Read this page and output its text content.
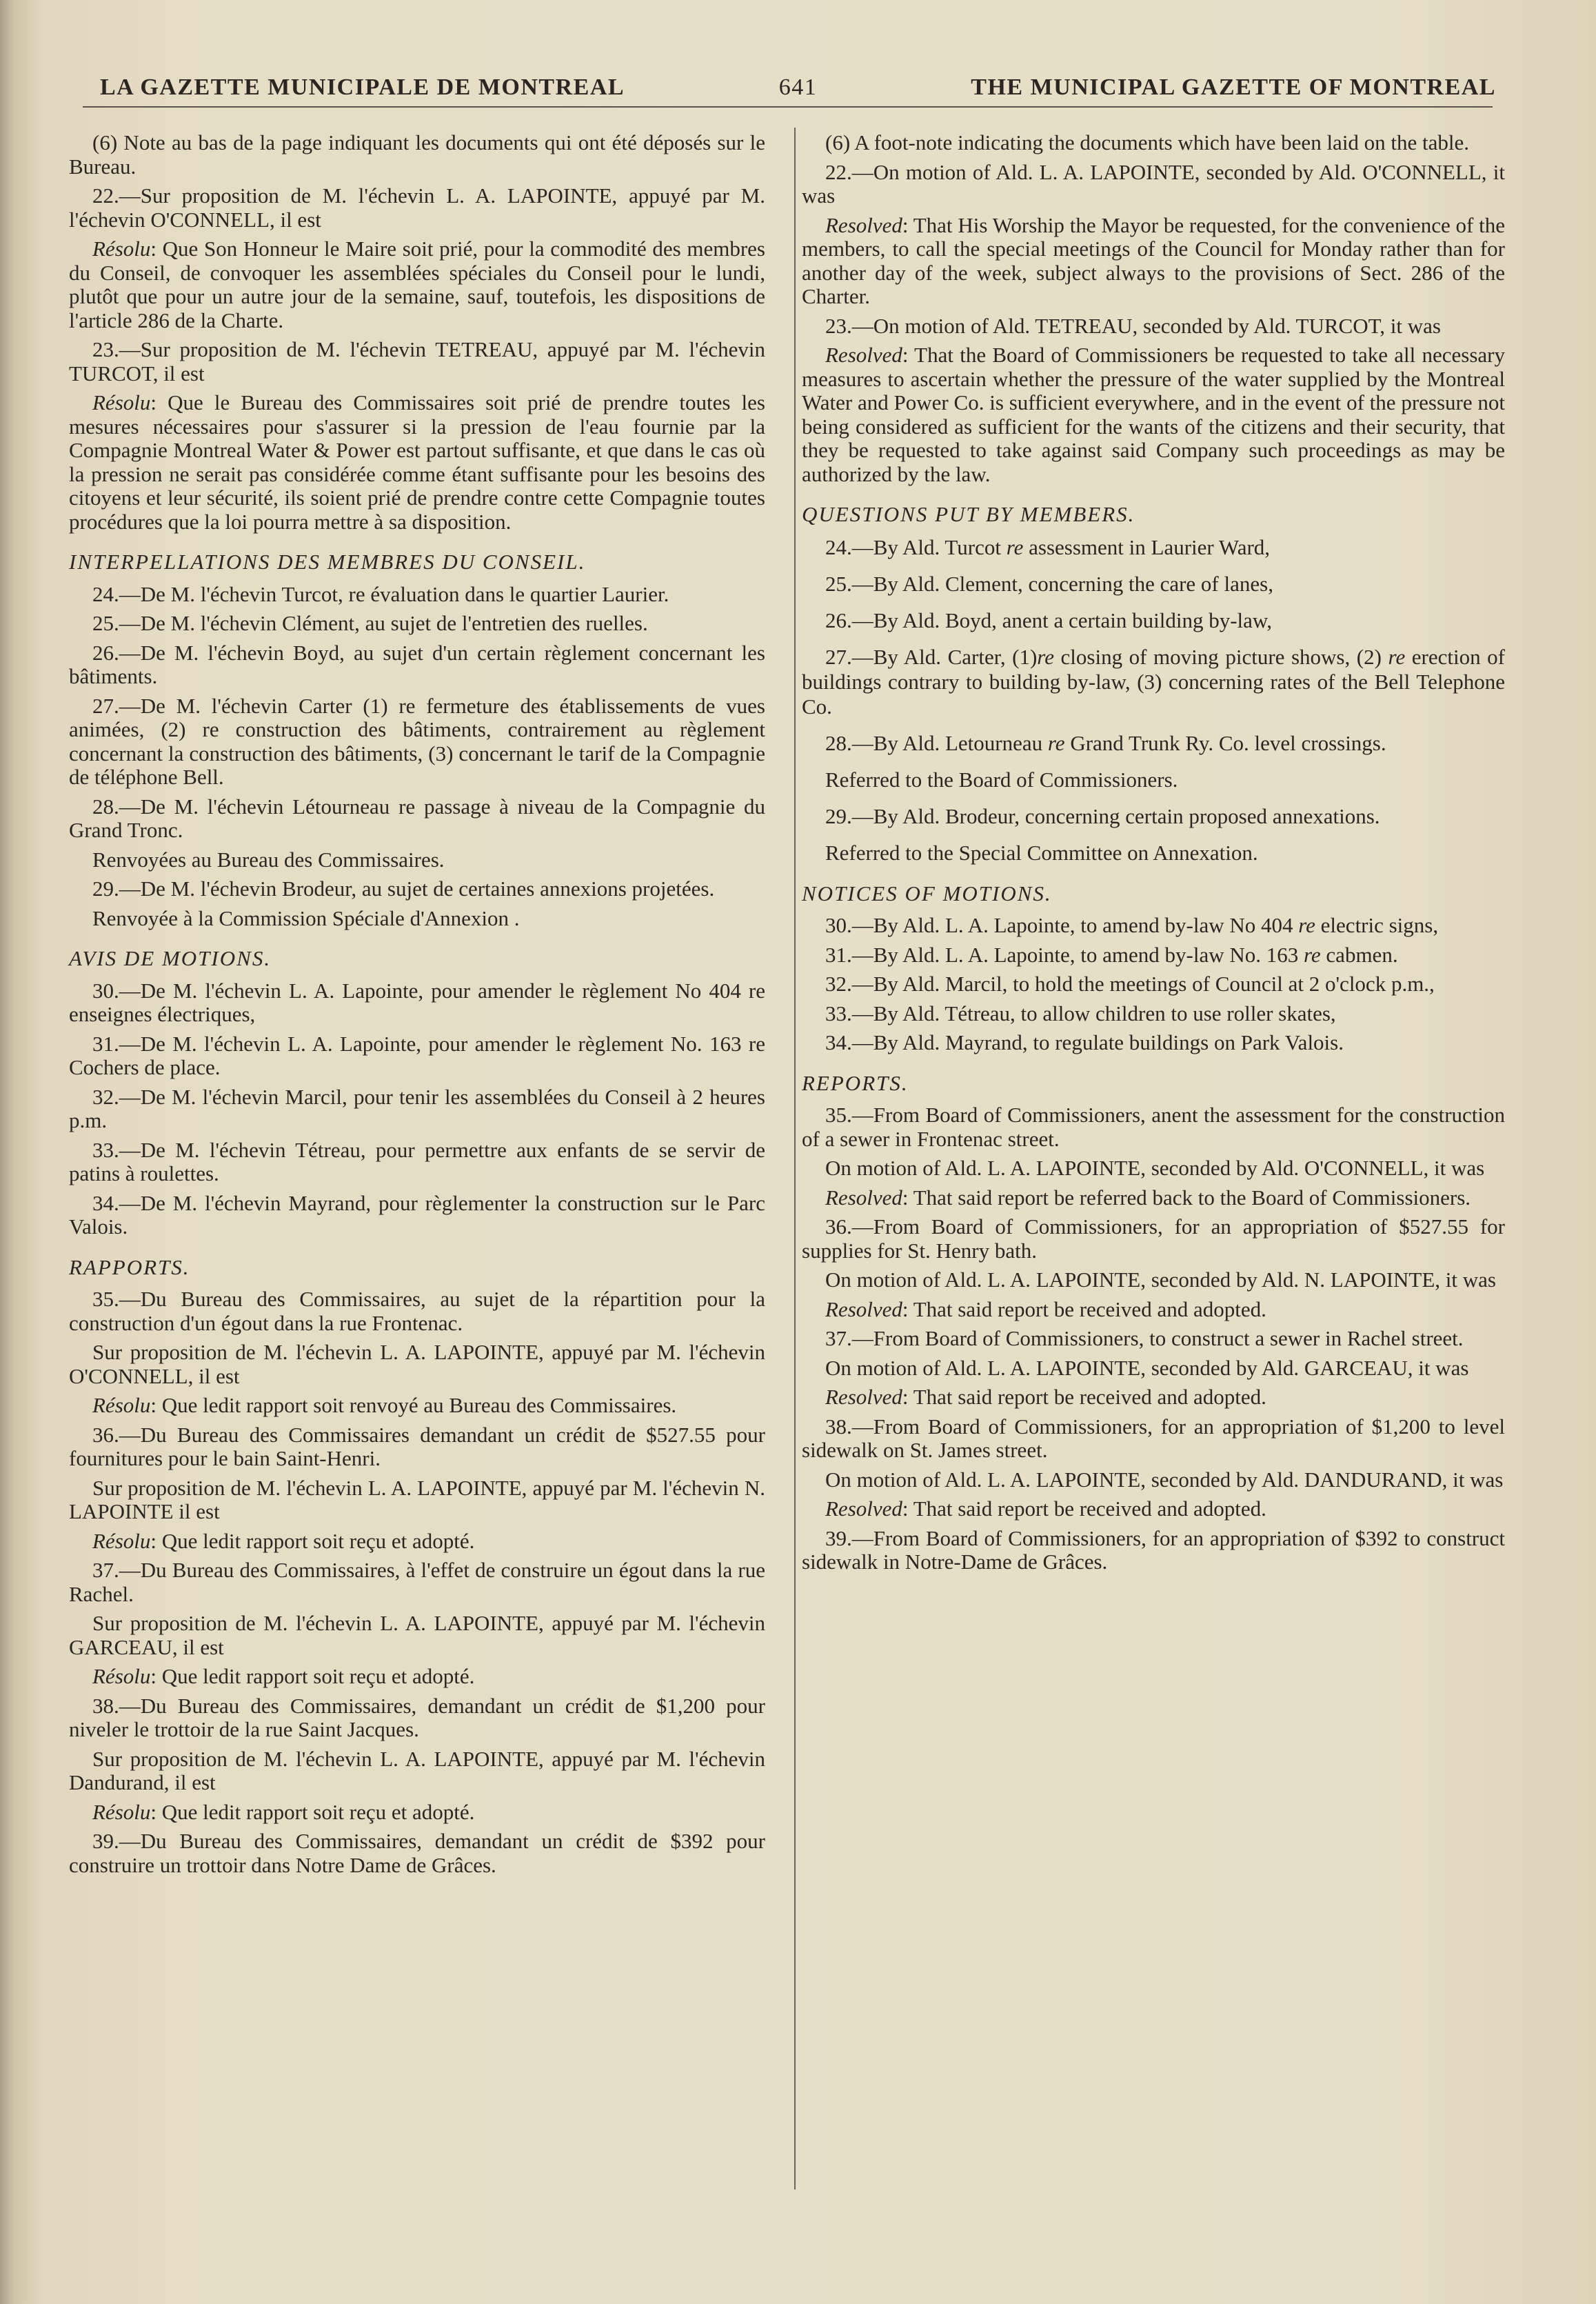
LA GAZETTE MUNICIPALE DE MONTREAL	641	THE MUNICIPAL GAZETTE OF MONTREAL

(6) Note au bas de la page indiquant les documents qui ont été déposés sur le Bureau.

22.—Sur proposition de M. l'échevin L. A. LAPOINTE, appuyé par M. l'échevin O'CONNELL, il est

Résolu: Que Son Honneur le Maire soit prié, pour la commodité des membres du Conseil, de convoquer les assemblées spéciales du Conseil pour le lundi, plutôt que pour un autre jour de la semaine, sauf, toutefois, les dispositions de l'article 286 de la Charte.

23.—Sur proposition de M. l'échevin TETREAU, appuyé par M. l'échevin TURCOT, il est

Résolu: Que le Bureau des Commissaires soit prié de prendre toutes les mesures nécessaires pour s'assurer si la pression de l'eau fournie par la Compagnie Montreal Water & Power est partout suffisante, et que dans le cas où la pression ne serait pas considérée comme étant suffisante pour les besoins des citoyens et leur sécurité, ils soient prié de prendre contre cette Compagnie toutes procédures que la loi pourra mettre à sa disposition.

INTERPELLATIONS DES MEMBRES DU CONSEIL.

24.—De M. l'échevin Turcot, re évaluation dans le quartier Laurier.

25.—De M. l'échevin Clément, au sujet de l'entretien des ruelles.

26.—De M. l'échevin Boyd, au sujet d'un certain règlement concernant les bâtiments.

27.—De M. l'échevin Carter (1) re fermeture des établissements de vues animées, (2) re construction des bâtiments, contrairement au règlement concernant la construction des bâtiments, (3) concernant le tarif de la Compagnie de téléphone Bell.

28.—De M. l'échevin Létourneau re passage à niveau de la Compagnie du Grand Tronc.

Renvoyées au Bureau des Commissaires.

29.—De M. l'échevin Brodeur, au sujet de certaines annexions projetées.

Renvoyée à la Commission Spéciale d'Annexion .

AVIS DE MOTIONS.

30.—De M. l'échevin L. A. Lapointe, pour amender le règlement No 404 re enseignes électriques,

31.—De M. l'échevin L. A. Lapointe, pour amender le règlement No. 163 re Cochers de place.

32.—De M. l'échevin Marcil, pour tenir les assemblées du Conseil à 2 heures p.m.

33.—De M. l'échevin Tétreau, pour permettre aux enfants de se servir de patins à roulettes.

34.—De M. l'échevin Mayrand, pour règlementer la construction sur le Parc Valois.

RAPPORTS.

35.—Du Bureau des Commissaires, au sujet de la répartition pour la construction d'un égout dans la rue Frontenac.

Sur proposition de M. l'échevin L. A. LAPOINTE, appuyé par M. l'échevin O'CONNELL, il est

Résolu: Que ledit rapport soit renvoyé au Bureau des Commissaires.

36.—Du Bureau des Commissaires demandant un crédit de $527.55 pour fournitures pour le bain Saint-Henri.

Sur proposition de M. l'échevin L. A. LAPOINTE, appuyé par M. l'échevin N. LAPOINTE il est

Résolu: Que ledit rapport soit reçu et adopté.

37.—Du Bureau des Commissaires, à l'effet de construire un égout dans la rue Rachel.

Sur proposition de M. l'échevin L. A. LAPOINTE, appuyé par M. l'échevin GARCEAU, il est

Résolu: Que ledit rapport soit reçu et adopté.

38.—Du Bureau des Commissaires, demandant un crédit de $1,200 pour niveler le trottoir de la rue Saint Jacques.

Sur proposition de M. l'échevin L. A. LAPOINTE, appuyé par M. l'échevin Dandurand, il est

Résolu: Que ledit rapport soit reçu et adopté.

39.—Du Bureau des Commissaires, demandant un crédit de $392 pour construire un trottoir dans Notre Dame de Grâces.

(6) A foot-note indicating the documents which have been laid on the table.

22.—On motion of Ald. L. A. LAPOINTE, seconded by Ald. O'CONNELL, it was

Resolved: That His Worship the Mayor be requested, for the convenience of the members, to call the special meetings of the Council for Monday rather than for another day of the week, subject always to the provisions of Sect. 286 of the Charter.

23.—On motion of Ald. TETREAU, seconded by Ald. TURCOT, it was

Resolved: That the Board of Commissioners be requested to take all necessary measures to ascertain whether the pressure of the water supplied by the Montreal Water and Power Co. is sufficient everywhere, and in the event of the pressure not being considered as sufficient for the wants of the citizens and their security, that they be requested to take against said Company such proceedings as may be authorized by the law.

QUESTIONS PUT BY MEMBERS.

24.—By Ald. Turcot re assessment in Laurier Ward,

25.—By Ald. Clement, concerning the care of lanes,

26.—By Ald. Boyd, anent a certain building by-law,

27.—By Ald. Carter, (1)re closing of moving picture shows, (2) re erection of buildings contrary to building by-law, (3) concerning rates of the Bell Telephone Co.

28.—By Ald. Letourneau re Grand Trunk Ry. Co. level crossings.

Referred to the Board of Commissioners.

29.—By Ald. Brodeur, concerning certain proposed annexations.

Referred to the Special Committee on Annexation.

NOTICES OF MOTIONS.

30.—By Ald. L. A. Lapointe, to amend by-law No 404 re electric signs,

31.—By Ald. L. A. Lapointe, to amend by-law No. 163 re cabmen.

32.—By Ald. Marcil, to hold the meetings of Council at 2 o'clock p.m.,

33.—By Ald. Tétreau, to allow children to use roller skates,

34.—By Ald. Mayrand, to regulate buildings on Park Valois.

REPORTS.

35.—From Board of Commissioners, anent the assessment for the construction of a sewer in Frontenac street.

On motion of Ald. L. A. LAPOINTE, seconded by Ald. O'CONNELL, it was

Resolved: That said report be referred back to the Board of Commissioners.

36.—From Board of Commissioners, for an appropriation of $527.55 for supplies for St. Henry bath.

On motion of Ald. L. A. LAPOINTE, seconded by Ald. N. LAPOINTE, it was

Resolved: That said report be received and adopted.

37.—From Board of Commissioners, to construct a sewer in Rachel street.

On motion of Ald. L. A. LAPOINTE, seconded by Ald. GARCEAU, it was

Resolved: That said report be received and adopted.

38.—From Board of Commissioners, for an appropriation of $1,200 to level sidewalk on St. James street.

On motion of Ald. L. A. LAPOINTE, seconded by Ald. DANDURAND, it was

Resolved: That said report be received and adopted.

39.—From Board of Commissioners, for an appropriation of $392 to construct sidewalk in Notre-Dame de Grâces.
